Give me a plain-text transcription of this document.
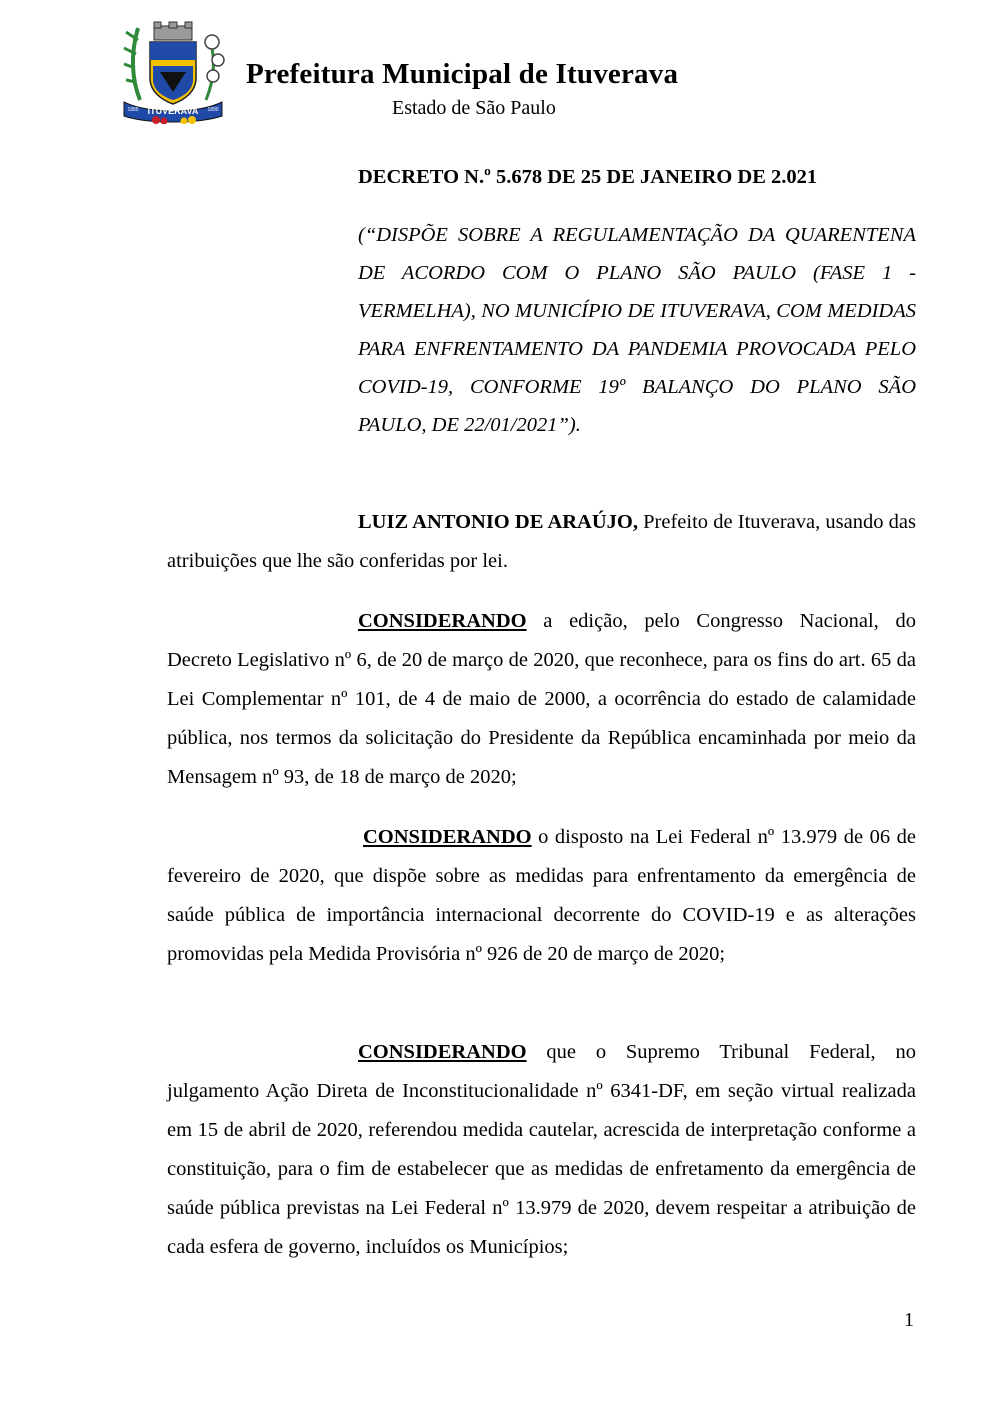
ITUVERAVA
1885	1890
Prefeitura Municipal de Ituverava
Estado de São Paulo
DECRETO N.º 5.678 DE 25 DE JANEIRO DE 2.021
(“DISPÕE SOBRE A REGULAMENTAÇÃO DA QUARENTENA DE ACORDO COM O PLANO SÃO PAULO (FASE 1 - VERMELHA), NO MUNICÍPIO DE ITUVERAVA, COM MEDIDAS PARA ENFRENTAMENTO DA PANDEMIA PROVOCADA PELO COVID-19, CONFORME 19º BALANÇO DO PLANO SÃO PAULO, DE 22/01/2021”).

LUIZ ANTONIO DE ARAÚJO, Prefeito de Ituverava, usando das atribuições que lhe são conferidas por lei.

CONSIDERANDO a edição, pelo Congresso Nacional, do Decreto Legislativo nº 6, de 20 de março de 2020, que reconhece, para os fins do art. 65 da Lei Complementar nº 101, de 4 de maio de 2000, a ocorrência do estado de calamidade pública, nos termos da solicitação do Presidente da República encaminhada por meio da Mensagem nº 93, de 18 de março de 2020;

CONSIDERANDO o disposto na Lei Federal nº 13.979 de 06 de fevereiro de 2020, que dispõe sobre as medidas para enfrentamento da emergência de saúde pública de importância internacional decorrente do COVID-19 e as alterações promovidas pela Medida Provisória nº 926 de 20 de março de 2020;

CONSIDERANDO que o Supremo Tribunal Federal, no julgamento Ação Direta de Inconstitucionalidade nº 6341-DF, em seção virtual realizada em 15 de abril de 2020, referendou medida cautelar, acrescida de interpretação conforme a constituição, para o fim de estabelecer que as medidas de enfretamento da emergência de saúde pública previstas na Lei Federal nº 13.979 de 2020, devem respeitar a atribuição de cada esfera de governo, incluídos os Municípios;

1
